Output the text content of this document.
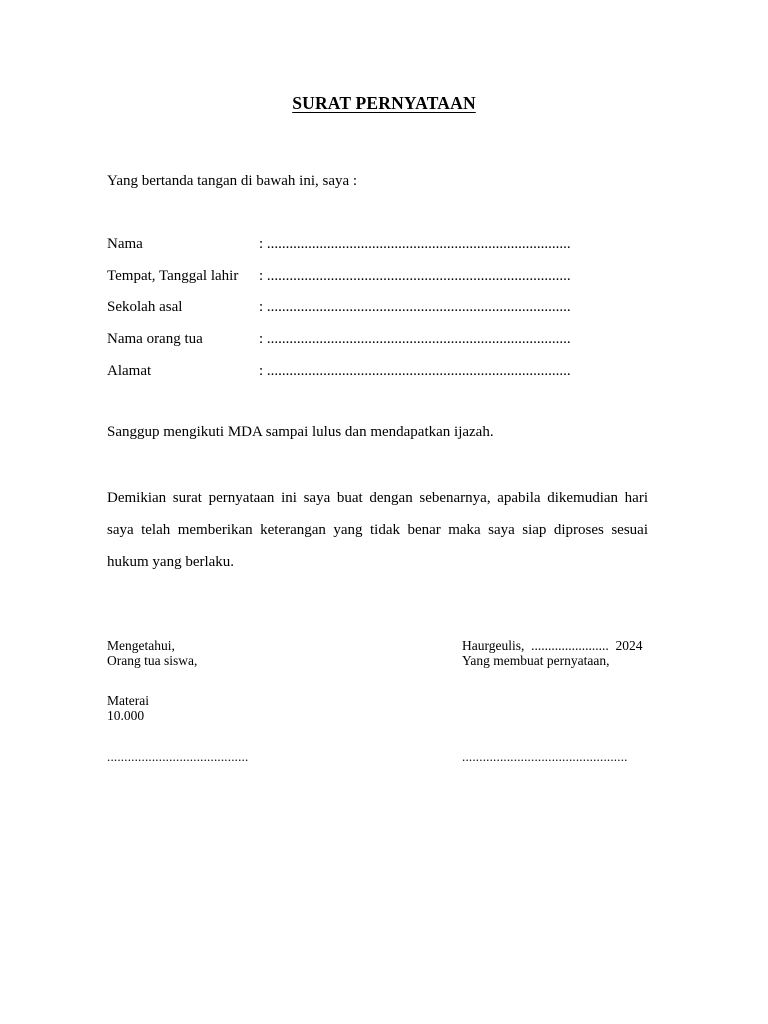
SURAT PERNYATAAN
Yang bertanda tangan di bawah ini, saya :
Nama	: .................................................................................
Tempat, Tanggal lahir : .................................................................................
Sekolah asal	: .................................................................................
Nama orang tua	: .................................................................................
Alamat	: .................................................................................
Sanggup mengikuti MDA sampai lulus dan mendapatkan ijazah.
Demikian surat pernyataan ini saya buat dengan sebenarnya, apabila dikemudian hari saya telah memberikan keterangan yang tidak benar maka saya siap diproses sesuai hukum yang berlaku.
Mengetahui,
Orang tua siswa,
Haurgeulis,  .......................  2024
Yang membuat pernyataan,
Materai
10.000
.........................................	................................................
